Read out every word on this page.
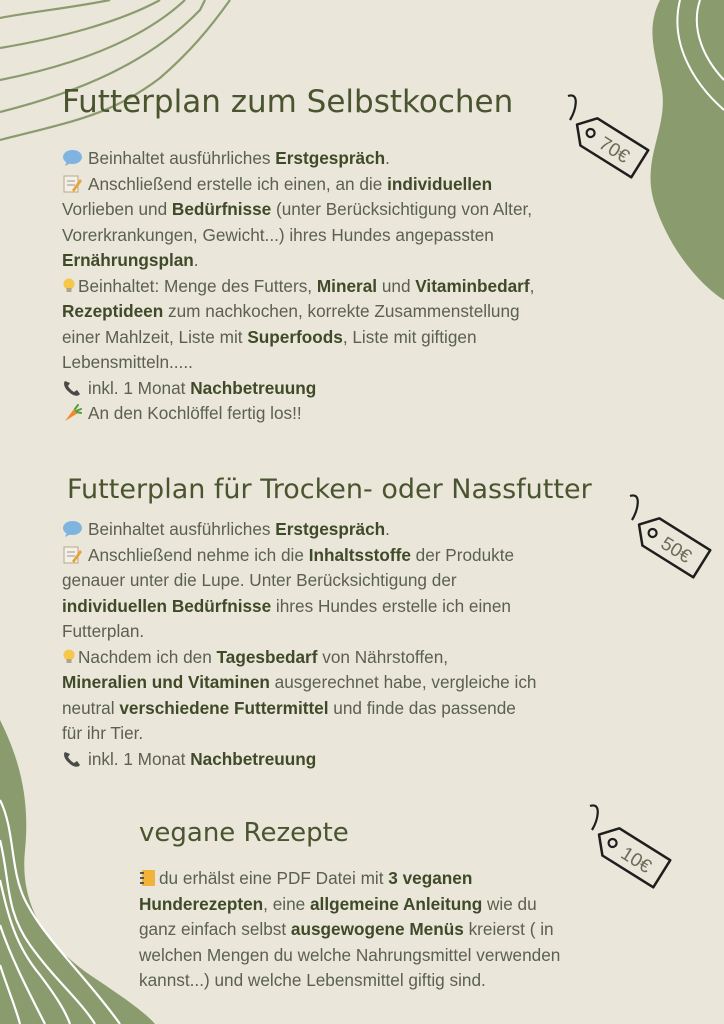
Futterplan zum Selbstkochen
70€
Beinhaltet ausführliches Erstgespräch.
Anschließend erstelle ich einen, an die individuellen
Vorlieben und Bedürfnisse (unter Berücksichtigung von Alter,
Vorerkrankungen, Gewicht...) ihres Hundes angepassten
Ernährungsplan.
Beinhaltet: Menge des Futters, Mineral und Vitaminbedarf,
Rezeptideen zum nachkochen, korrekte Zusammenstellung
einer Mahlzeit, Liste mit Superfoods, Liste mit giftigen
Lebensmitteln.....
inkl. 1 Monat Nachbetreuung
An den Kochlöffel fertig los!!
Futterplan für Trocken- oder Nassfutter
50€
Beinhaltet ausführliches Erstgespräch.
Anschließend nehme ich die Inhaltsstoffe der Produkte
genauer unter die Lupe. Unter Berücksichtigung der
individuellen Bedürfnisse ihres Hundes erstelle ich einen
Futterplan.
Nachdem ich den Tagesbedarf von Nährstoffen,
Mineralien und Vitaminen ausgerechnet habe, vergleiche ich
neutral verschiedene Futtermittel und finde das passende
für ihr Tier.
inkl. 1 Monat Nachbetreuung
vegane Rezepte
10€
du erhälst eine PDF Datei mit 3 veganen
Hunderezepten, eine allgemeine Anleitung wie du
ganz einfach selbst ausgewogene Menüs kreierst ( in
welchen Mengen du welche Nahrungsmittel verwenden
kannst...) und welche Lebensmittel giftig sind.
